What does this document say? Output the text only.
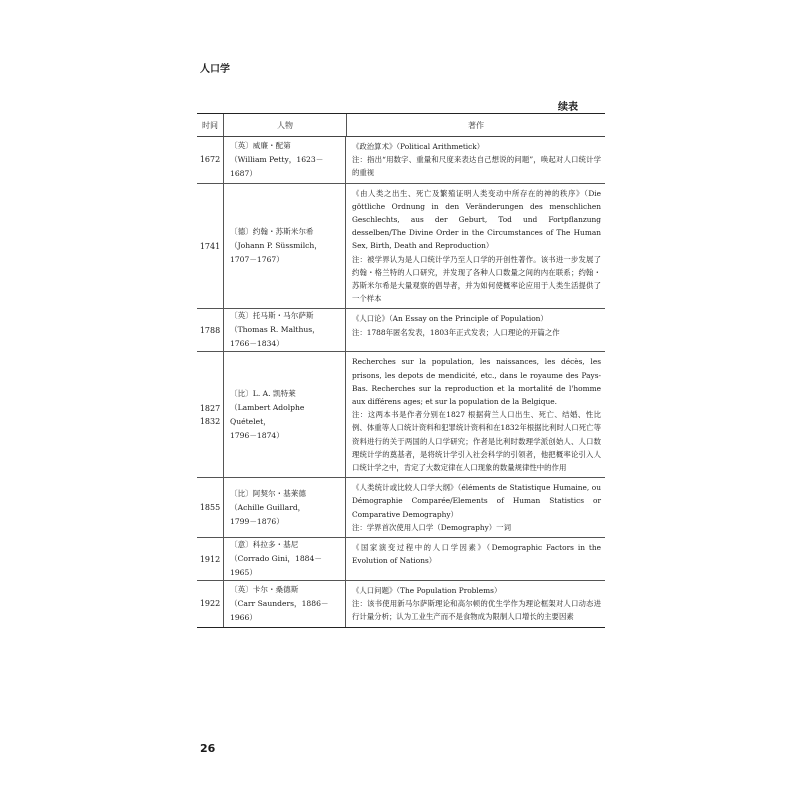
人口学
续表
时间	人物	著作
1672
〔英〕威廉・配第
（William Petty，1623－1687）
《政治算术》（Political Arithmetick）
注：指出“用数字、重量和尺度来表达自己想说的问题”，唤起对人口统计学的重视
1741
〔德〕约翰・苏斯米尔希
（Johann P. Süssmilch，
1707－1767）
《由人类之出生、死亡及繁殖证明人类变动中所存在的神的秩序》（Die göttliche Ordnung in den Veränderungen des menschlichen Geschlechts, aus der Geburt, Tod und Fortpflanzung desselben/The Divine Order in the Circumstances of The Human Sex, Birth, Death and Reproduction）
注：被学界认为是人口统计学乃至人口学的开创性著作。该书进一步发展了约翰・格兰特的人口研究，并发现了各种人口数量之间的内在联系；约翰・苏斯米尔希是大量观察的倡导者，并为如何使概率论应用于人类生活提供了一个样本
1788
〔英〕托马斯・马尔萨斯
（Thomas R. Malthus，
1766－1834）
《人口论》（An Essay on the Principle of Population）
注：1788年匿名发表，1803年正式发表；人口理论的开篇之作
1827
1832
〔比〕L. A. 凯特莱
（Lambert Adolphe Quételet，
1796－1874）
Recherches sur la population, les naissances, les décès, les prisons, les depots de mendicité, etc., dans le royaume des Pays-Bas. Recherches sur la reproduction et la mortalité de l'homme aux différens ages; et sur la population de la Belgique.
注：这两本书是作者分别在1827 根据荷兰人口出生、死亡、结婚、性比例、体重等人口统计资料和犯罪统计资料和在1832年根据比利时人口死亡等资料进行的关于两国的人口学研究；作者是比利时数理学派创始人、人口数理统计学的奠基者，是将统计学引入社会科学的引领者，他把概率论引入人口统计学之中，肯定了大数定律在人口现象的数量规律性中的作用
1855
〔比〕阿契尔・基莱德
（Achille Guillard，
1799－1876）
《人类统计或比较人口学大纲》（éléments de Statistique Humaine, ou Démographie Comparée/Elements of Human Statistics or Comparative Demography）
注：学界首次使用人口学（Demography）一词
1912
〔意〕科拉多・基尼
（Corrado Gini，1884－1965）
《国家演变过程中的人口学因素》（Demographic Factors in the Evolution of Nations）
1922
〔英〕卡尔・桑德斯
（Carr Saunders，1886－1966）
《人口问题》（The Population Problems）
注：该书使用新马尔萨斯理论和高尔顿的优生学作为理论框架对人口动态进行计量分析；认为工业生产而不是食物成为限制人口增长的主要因素
26
